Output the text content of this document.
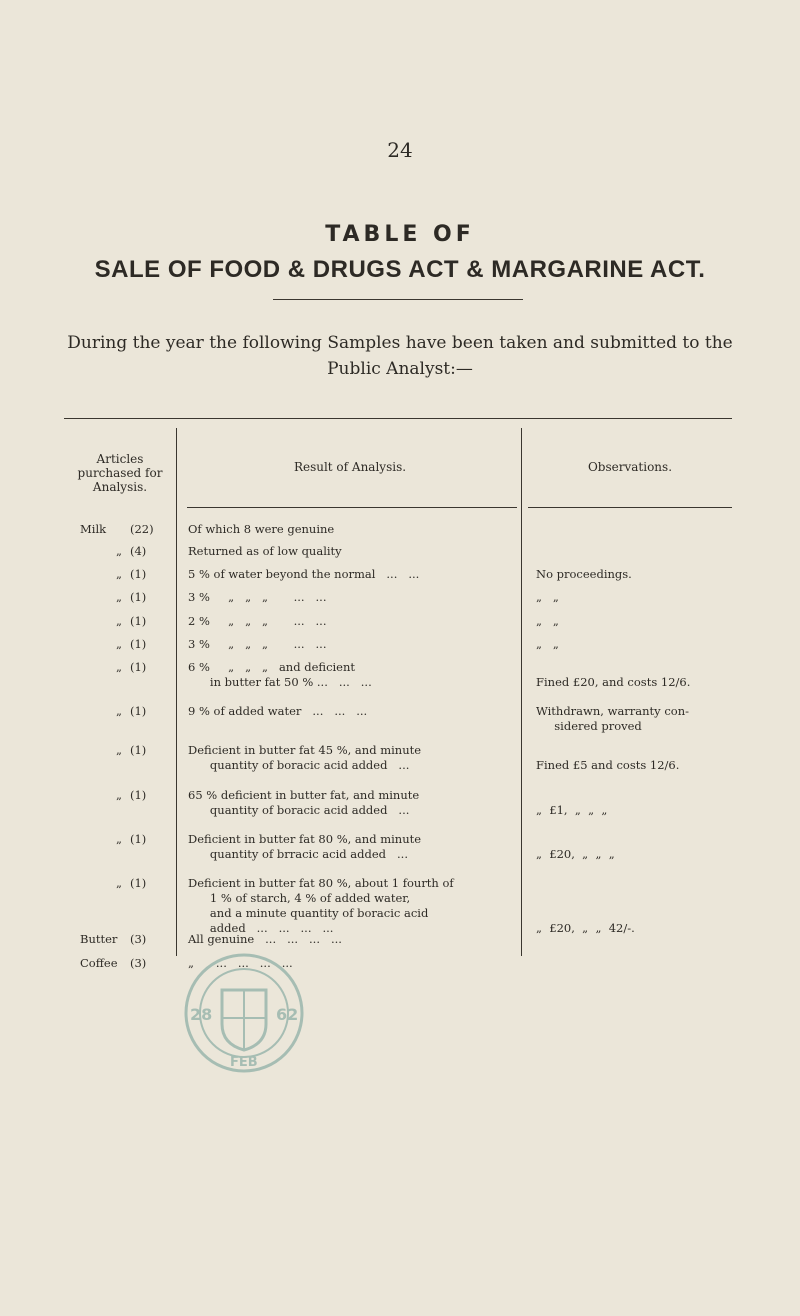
24
TABLE OF
SALE OF FOOD & DRUGS ACT & MARGARINE ACT.
During the year the following Samples have been taken and submitted to the Public Analyst:—
Articles purchased for Analysis.
Result of Analysis.	Observations.
Milk (22)	Of which 8 were genuine
„ (4)	Returned as of low quality
„ (1)	5 % of water beyond the normal   ...   ...	No proceedings.
„ (1)	3 %     „   „   „       ...   ...	„   „
„ (1)	2 %     „   „   „       ...   ...	„   „
„ (1)	3 %     „   „   „       ...   ...	„   „
„ (1)	6 %     „   „   „   and deficient
in butter fat 50 % ...   ...   ...	Fined £20, and costs 12/6.
„ (1)	9 % of added water   ...   ...   ...	Withdrawn, warranty con-
sidered proved
„ (1)	Deficient in butter fat 45 %, and minute
quantity of boracic acid added   ...	Fined £5 and costs 12/6.
„ (1)	65 % deficient in butter fat, and minute
quantity of boracic acid added   ...	„  £1,  „  „  „
„ (1)	Deficient in butter fat 80 %, and minute
quantity of brracic acid added   ...	„  £20,  „  „  „
„ (1)	Deficient in butter fat 80 %, about 1 fourth of
1 % of starch, 4 % of added water,
and a minute quantity of boracic acid
added   ...   ...   ...   ...	„  £20,  „  „  42/-.
Butter (3)	All genuine   ...   ...   ...   ...
Coffee (3)	„      ...   ...   ...   ...
28	62
FEB
